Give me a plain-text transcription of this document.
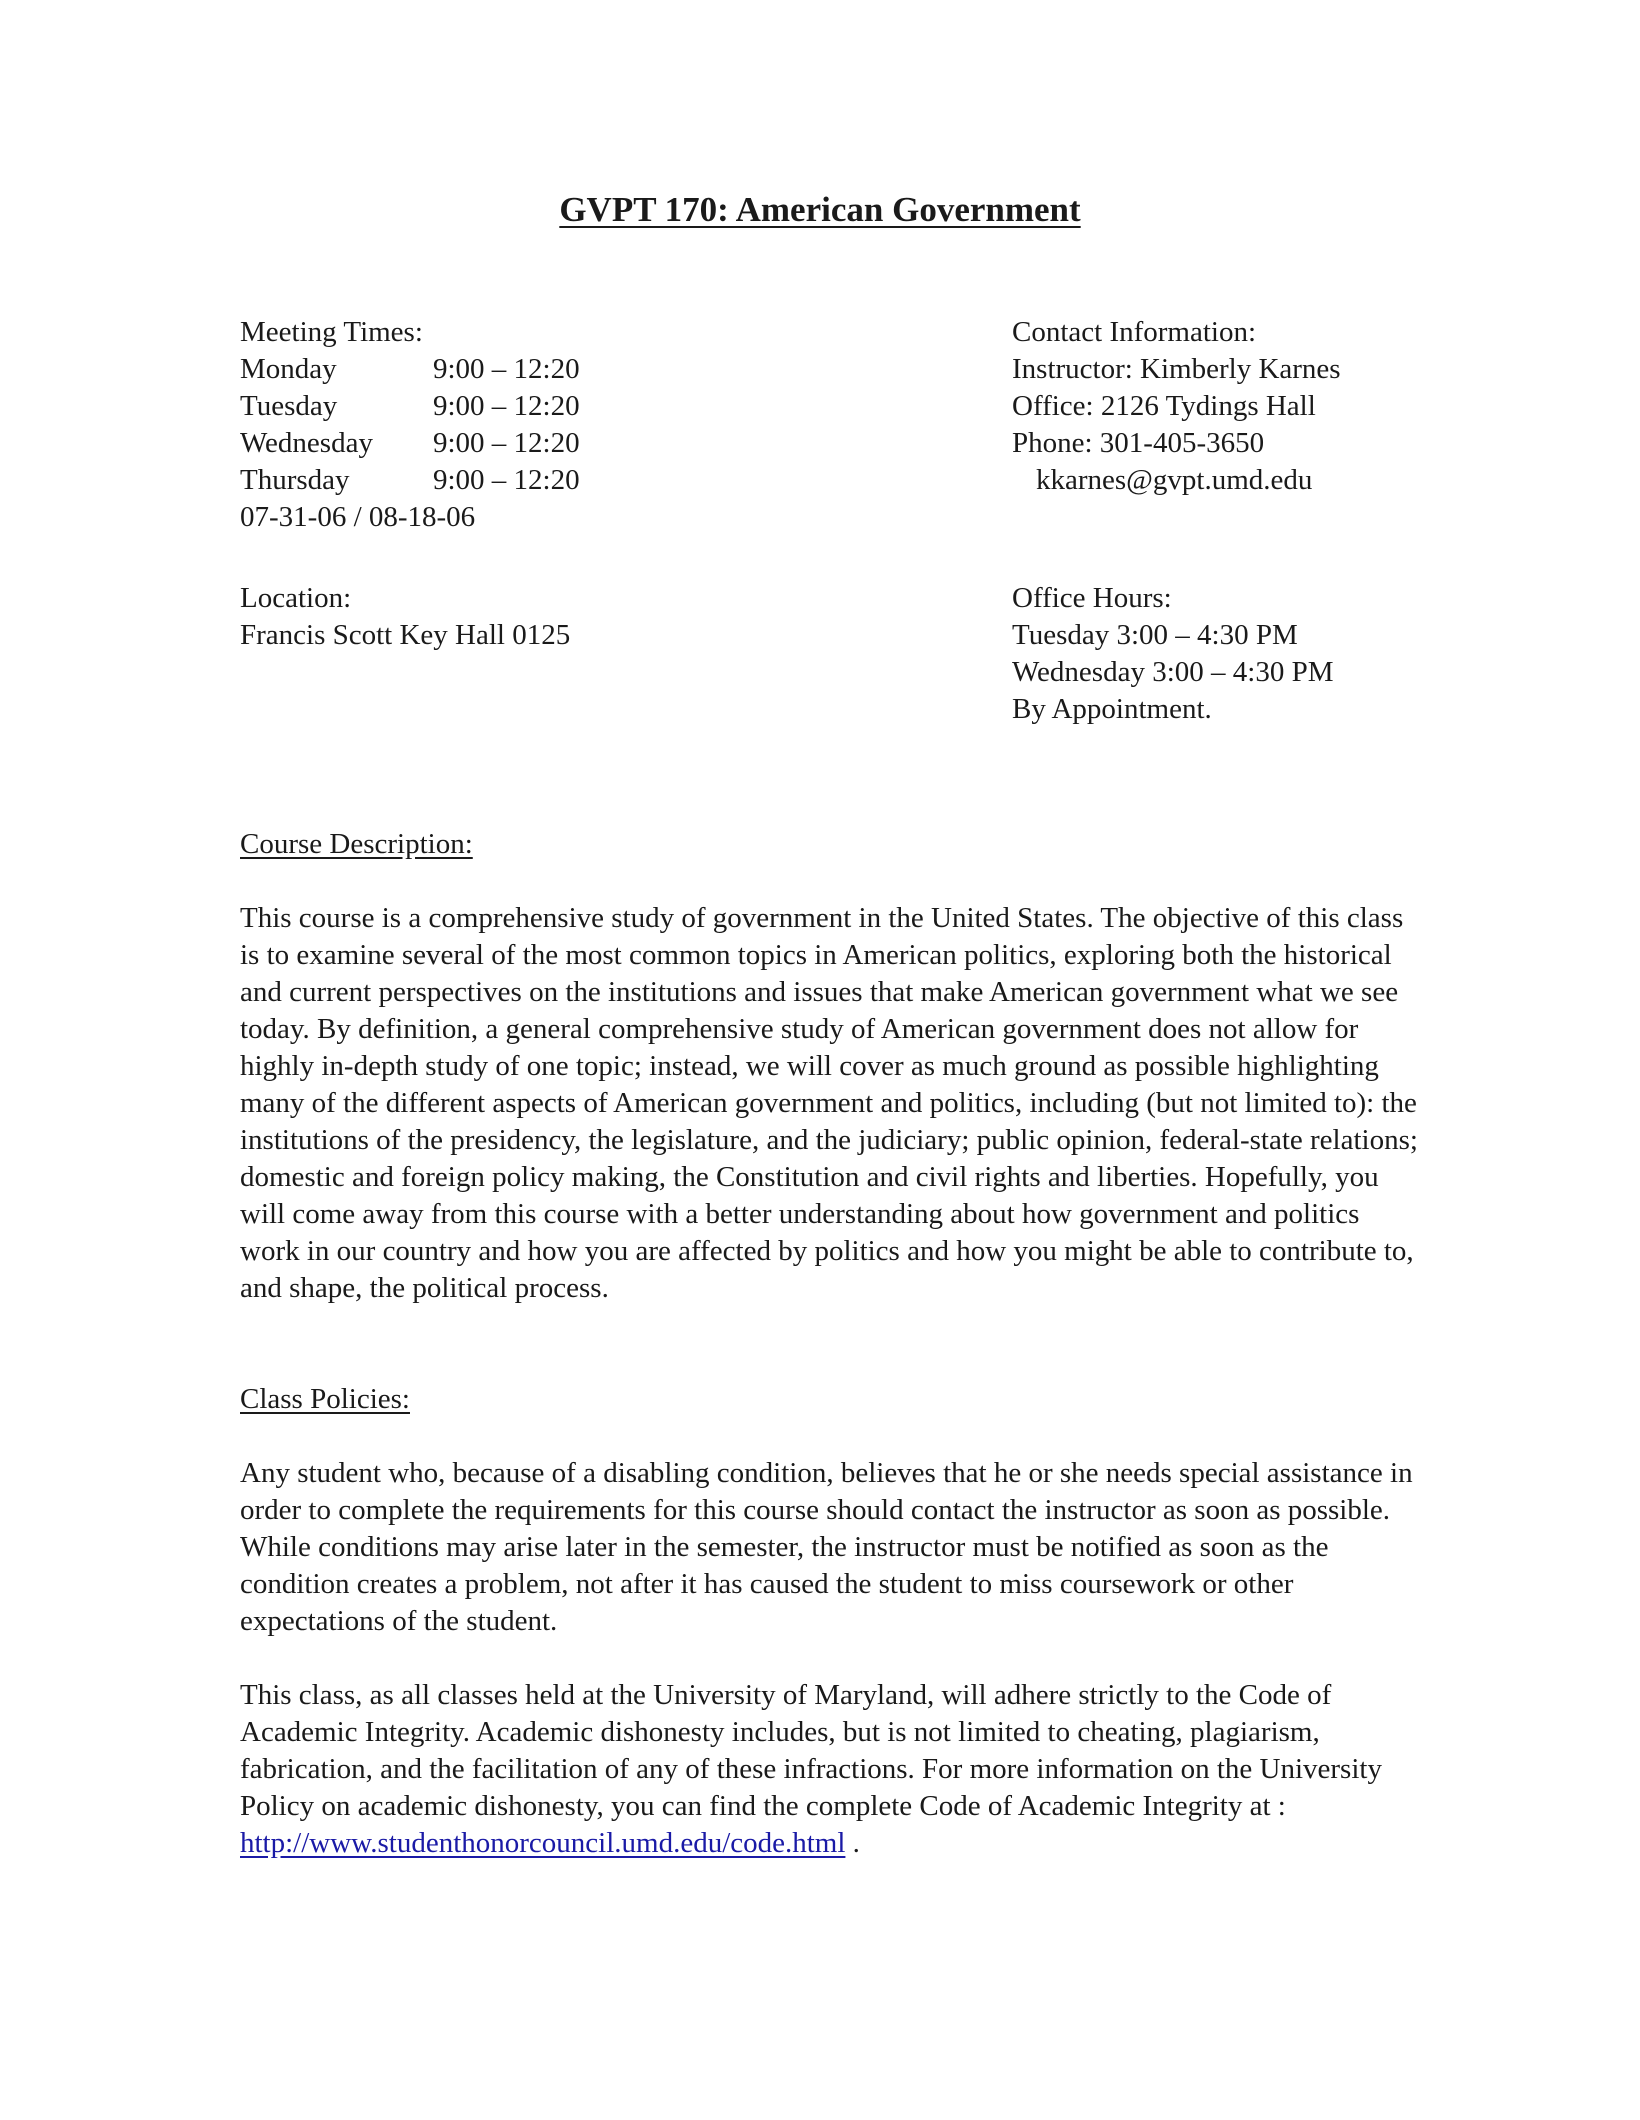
GVPT 170: American Government
Meeting Times:
Monday	9:00 – 12:20
Tuesday	9:00 – 12:20
Wednesday 9:00 – 12:20
Thursday	9:00 – 12:20
07-31-06 / 08-18-06
Location:
Francis Scott Key Hall 0125
Contact Information:
Instructor: Kimberly Karnes
Office: 2126 Tydings Hall
Phone: 301-405-3650
kkarnes@gvpt.umd.edu
Office Hours:
Tuesday 3:00 – 4:30 PM
Wednesday 3:00 – 4:30 PM
By Appointment.
Course Description:

This course is a comprehensive study of government in the United States. The objective of this class is to examine several of the most common topics in American politics, exploring both the historical and current perspectives on the institutions and issues that make American government what we see today. By definition, a general comprehensive study of American government does not allow for highly in-depth study of one topic; instead, we will cover as much ground as possible highlighting many of the different aspects of American government and politics, including (but not limited to): the institutions of the presidency, the legislature, and the judiciary; public opinion, federal-state relations; domestic and foreign policy making, the Constitution and civil rights and liberties. Hopefully, you will come away from this course with a better understanding about how government and politics work in our country and how you are affected by politics and how you might be able to contribute to, and shape, the political process.

Class Policies:

Any student who, because of a disabling condition, believes that he or she needs special assistance in order to complete the requirements for this course should contact the instructor as soon as possible. While conditions may arise later in the semester, the instructor must be notified as soon as the condition creates a problem, not after it has caused the student to miss coursework or other expectations of the student.

This class, as all classes held at the University of Maryland, will adhere strictly to the Code of Academic Integrity. Academic dishonesty includes, but is not limited to cheating, plagiarism, fabrication, and the facilitation of any of these infractions. For more information on the University Policy on academic dishonesty, you can find the complete Code of Academic Integrity at :
http://www.studenthonorcouncil.umd.edu/code.html .
